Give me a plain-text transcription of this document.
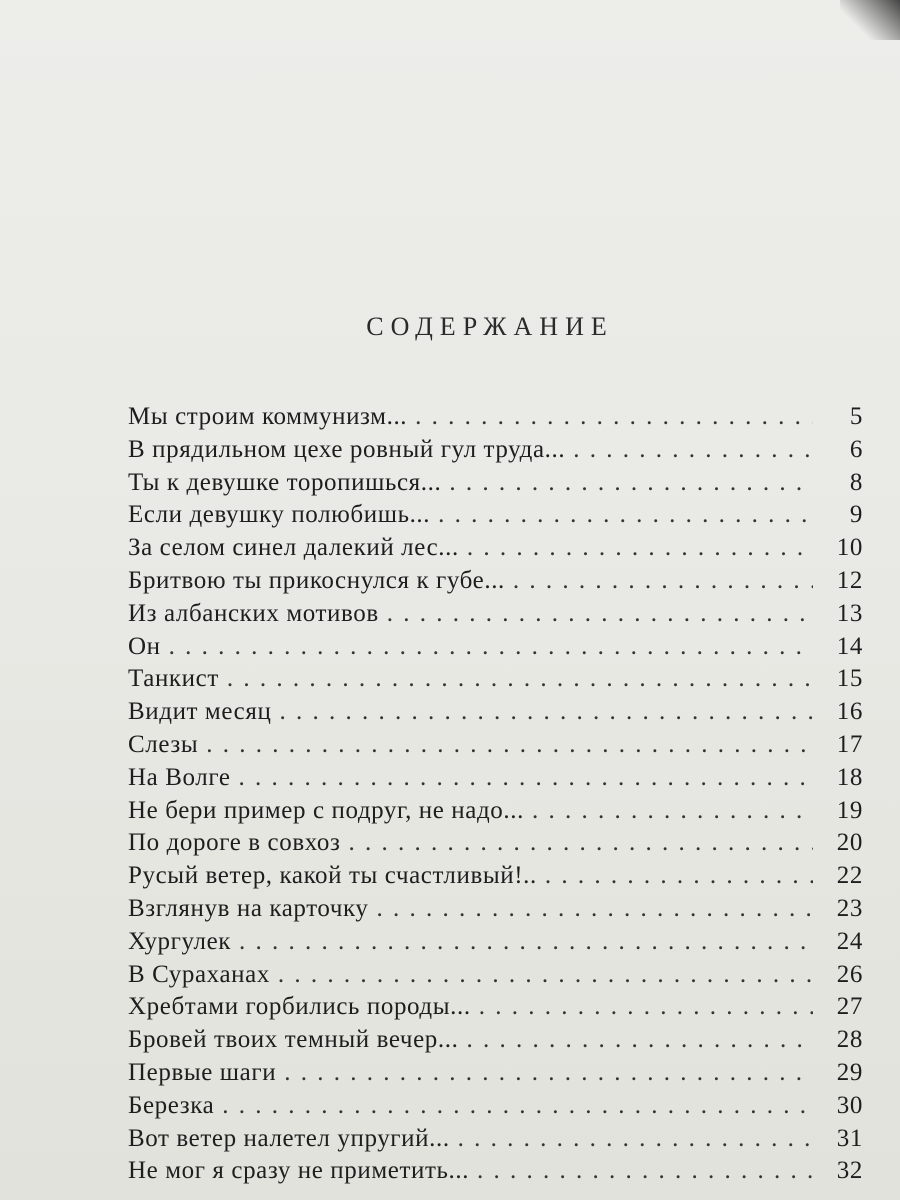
СОДЕРЖАНИЕ
Мы строим коммунизм... . . .	5
В прядильном цехе ровный гул труда... . . .	6
Ты к девушке торопишься... . . .	8
Если девушку полюбишь... . . .	9
За селом синел далекий лес... . . .	10
Бритвою ты прикоснулся к губе... . . .	12
Из албанских мотивов . . .	13
Он . . .	14
Танкист . . .	15
Видит месяц . . .	16
Слезы . . .	17
На Волге . . .	18
Не бери пример с подруг, не надо... . . .	19
По дороге в совхоз . . .	20
Русый ветер, какой ты счастливый!.. . . .	22
Взглянув на карточку . . .	23
Хургулек . . .	24
В Сураханах . . .	26
Хребтами горбились породы... . . .	27
Бровей твоих темный вечер... . . .	28
Первые шаги . . .	29
Березка . . .	30
Вот ветер налетел упругий... . . .	31
Не мог я сразу не приметить... . . .	32
